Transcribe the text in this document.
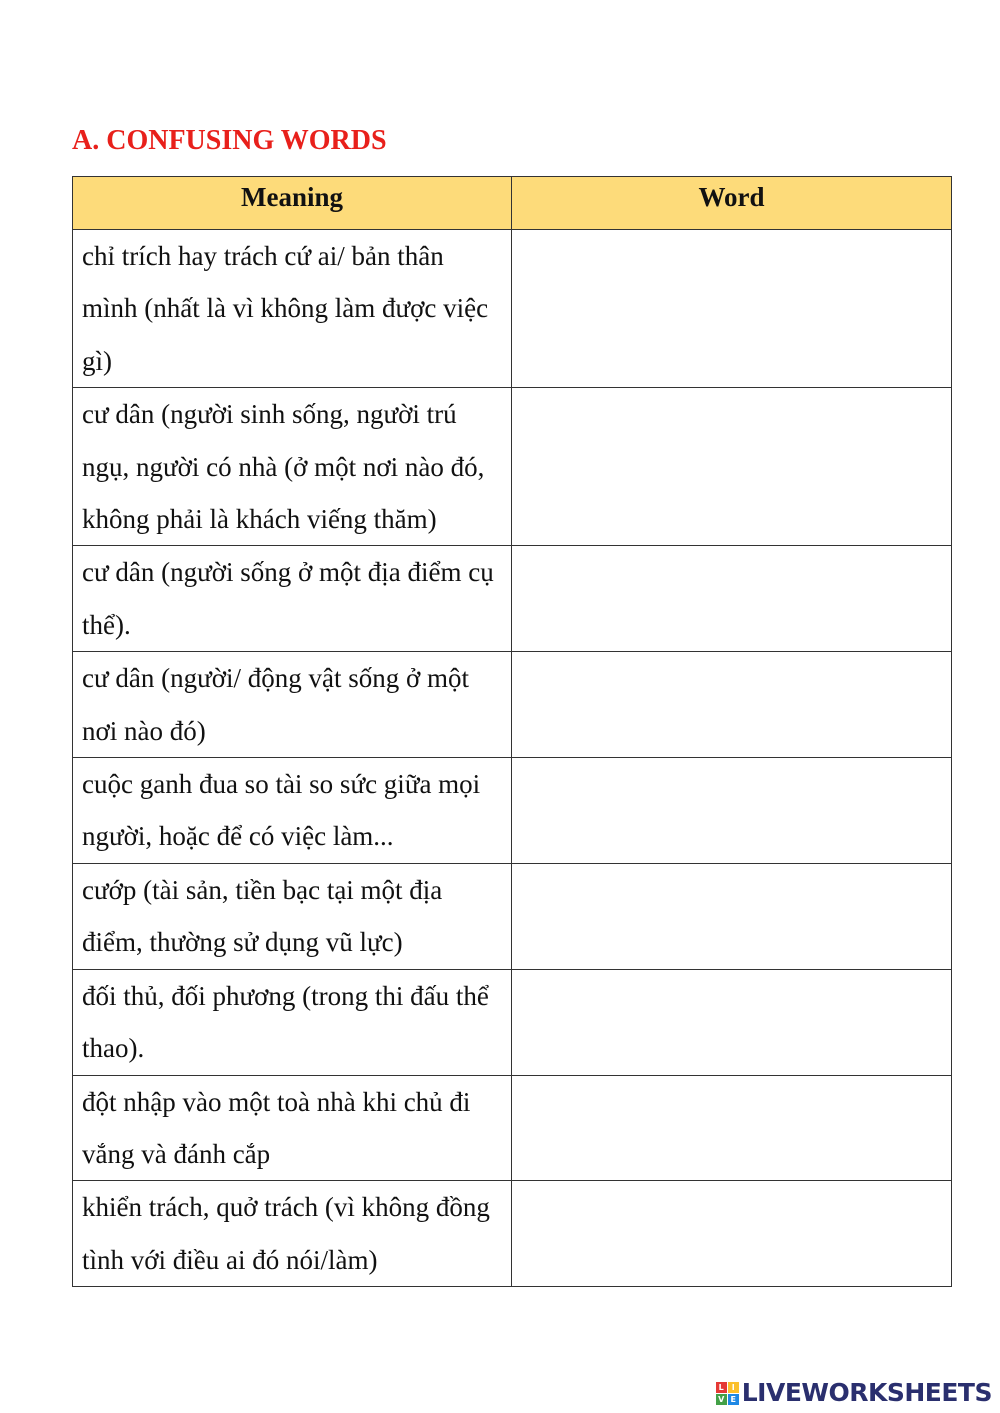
A. CONFUSING WORDS
Meaning	Word
chỉ trích hay trách cứ ai/ bản thân mình (nhất là vì không làm được việc gì)	

cư dân (người sinh sống, người trú ngụ, người có nhà (ở một nơi nào đó, không phải là khách viếng thăm)	

cư dân (người sống ở một địa điểm cụ thể).	

cư dân (người/ động vật sống ở một nơi nào đó)	

cuộc ganh đua so tài so sức giữa mọi người, hoặc để có việc làm...	

cướp (tài sản, tiền bạc tại một địa điểm, thường sử dụng vũ lực)	

đối thủ, đối phương (trong thi đấu thể thao).	

đột nhập vào một toà nhà khi chủ đi vắng và đánh cắp	

khiển trách, quở trách (vì không đồng tình với điều ai đó nói/làm)	
L I
V E LIVEWORKSHEETS
